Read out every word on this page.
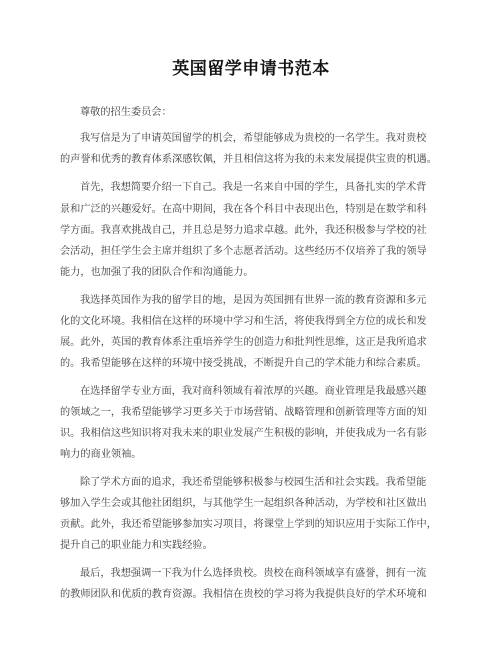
英国留学申请书范本
尊敬的招生委员会：
我写信是为了申请英国留学的机会，希望能够成为贵校的一名学生。我对贵校
的声誉和优秀的教育体系深感钦佩，并且相信这将为我的未来发展提供宝贵的机遇。
首先，我想简要介绍一下自己。我是一名来自中国的学生，具备扎实的学术背
景和广泛的兴趣爱好。在高中期间，我在各个科目中表现出色，特别是在数学和科
学方面。我喜欢挑战自己，并且总是努力追求卓越。此外，我还积极参与学校的社
会活动，担任学生会主席并组织了多个志愿者活动。这些经历不仅培养了我的领导
能力，也加强了我的团队合作和沟通能力。
我选择英国作为我的留学目的地，是因为英国拥有世界一流的教育资源和多元
化的文化环境。我相信在这样的环境中学习和生活，将使我得到全方位的成长和发
展。此外，英国的教育体系注重培养学生的创造力和批判性思维，这正是我所追求
的。我希望能够在这样的环境中接受挑战，不断提升自己的学术能力和综合素质。
在选择留学专业方面，我对商科领域有着浓厚的兴趣。商业管理是我最感兴趣
的领域之一，我希望能够学习更多关于市场营销、战略管理和创新管理等方面的知
识。我相信这些知识将对我未来的职业发展产生积极的影响，并使我成为一名有影
响力的商业领袖。
除了学术方面的追求，我还希望能够积极参与校园生活和社会实践。我希望能
够加入学生会或其他社团组织，与其他学生一起组织各种活动，为学校和社区做出
贡献。此外，我还希望能够参加实习项目，将课堂上学到的知识应用于实际工作中，
提升自己的职业能力和实践经验。
最后，我想强调一下我为什么选择贵校。贵校在商科领域享有盛誉，拥有一流
的教师团队和优质的教育资源。我相信在贵校的学习将为我提供良好的学术环境和
